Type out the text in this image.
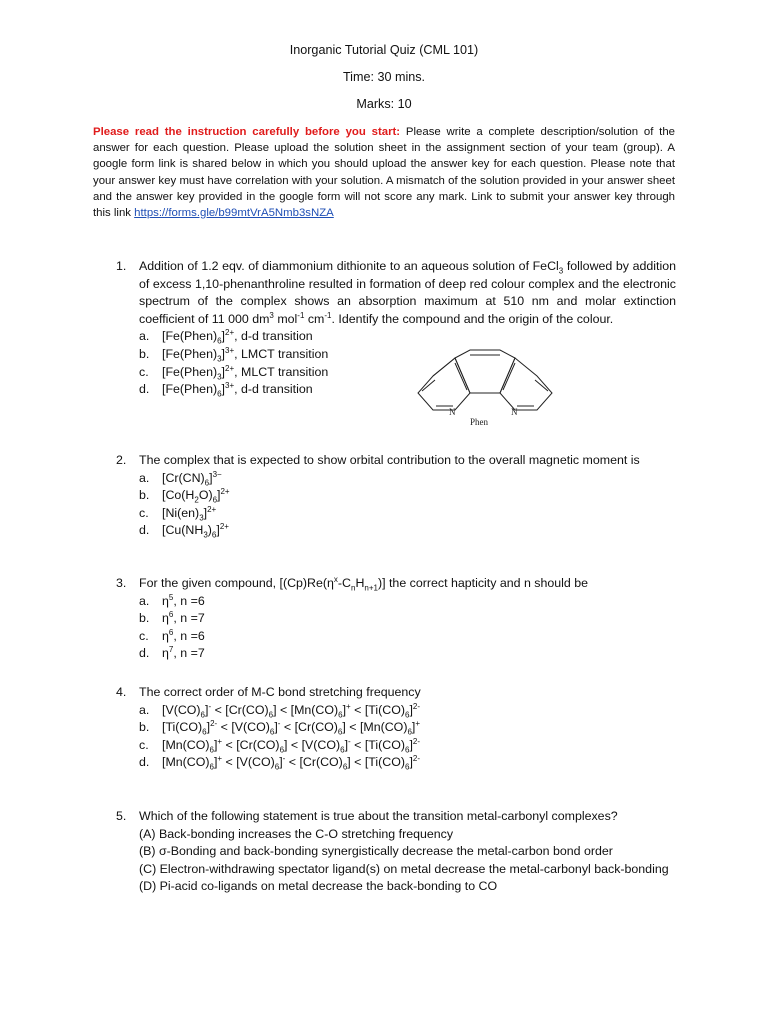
Inorganic Tutorial Quiz (CML 101)
Time: 30 mins.
Marks: 10
Please read the instruction carefully before you start: Please write a complete description/solution of the answer for each question. Please upload the solution sheet in the assignment section of your team (group). A google form link is shared below in which you should upload the answer key for each question. Please note that your answer key must have correlation with your solution. A mismatch of the solution provided in your answer sheet and the answer key provided in the google form will not score any mark. Link to submit your answer key through this link https://forms.gle/b99mtVrA5Nmb3sNZA
1. Addition of 1.2 eqv. of diammonium dithionite to an aqueous solution of FeCl$_3$ followed by addition of excess 1,10-phenanthroline resulted in formation of deep red colour complex and the electronic spectrum of the complex shows an absorption maximum at 510 nm and molar extinction coefficient of 11 000 $dm^3$ mol$^{-1}$ $cm^{-1}$. Identify the compound and the origin of the colour.
a. $[Fe(Phen)_6]^{2+}$, d-d transition
b. $[Fe(Phen)_3]^{3+}$, LMCT transition
c. $[Fe(Phen)_3]^{2+}$, MLCT transition
d. $[Fe(Phen)_6]^{3+}$, d-d transition
N	N
Phen
2. The complex that is expected to show orbital contribution to the overall magnetic moment is
a. $[Cr(CN)_6]^{3-}$
b. $[Co(H_2O)_6]^{2+}$
c. $[Ni(en)_3]^{2+}$
d. $[Cu(NH_3)_6]^{2+}$
3. For the given compound, $[(Cp)Re(\eta^x-C_nH_{n+1})]$ the correct hapticity and n should be
a. $\eta^5$, n =6
b. $\eta^6$, n =7
c. $\eta^6$, n =6
d. $\eta^7$, n =7
4. The correct order of M-C bond stretching frequency
a. $[V(CO)_6]^- < [Cr(CO)_6] < [Mn(CO)_6]^+ < [Ti(CO)_6]^{2-}$
b. $[Ti(CO)_6]^{2-} < [V(CO)_6]^- < [Cr(CO)_6] < [Mn(CO)_6]^+$
c. $[Mn(CO)_6]^+ < [Cr(CO)_6] < [V(CO)_6]^- < [Ti(CO)_6]^{2-}$
d. $[Mn(CO)_6]^+ < [V(CO)_6]^- < [Cr(CO)_6] < [Ti(CO)_6]^{2-}$
5. Which of the following statement is true about the transition metal-carbonyl complexes?
(A) Back-bonding increases the C-O stretching frequency
(B) σ-Bonding and back-bonding synergistically decrease the metal-carbon bond order
(C) Electron-withdrawing spectator ligand(s) on metal decrease the metal-carbonyl back-bonding
(D) Pi-acid co-ligands on metal decrease the back-bonding to CO
